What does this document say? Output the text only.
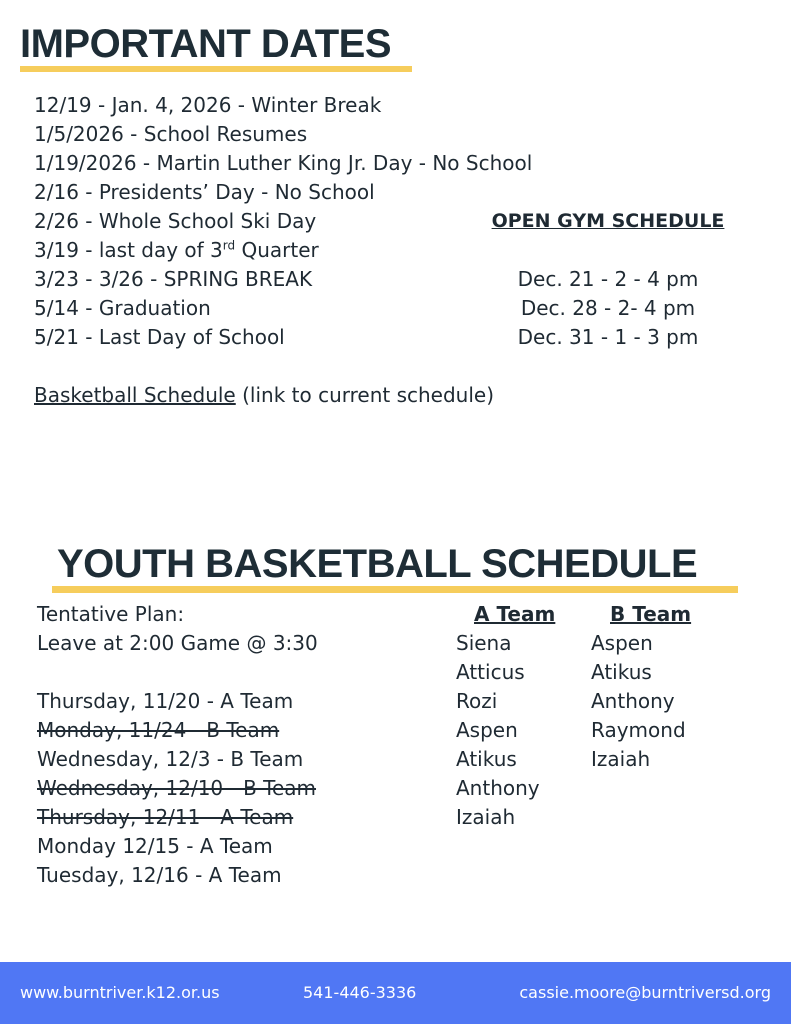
IMPORTANT DATES
12/19 - Jan. 4, 2026 - Winter Break
1/5/2026 - School Resumes
1/19/2026 - Martin Luther King Jr. Day - No School
2/16 - Presidents’ Day - No School
2/26 - Whole School Ski Day
3/19 - last day of 3rd Quarter
3/23 - 3/26 - SPRING BREAK
5/14 - Graduation
5/21 - Last Day of School
Basketball Schedule (link to current schedule)
OPEN GYM SCHEDULE
Dec. 21 - 2 - 4 pm
Dec. 28 - 2- 4 pm
Dec. 31 - 1 - 3 pm
YOUTH BASKETBALL SCHEDULE
Tentative Plan:
Leave at 2:00 Game @ 3:30
Thursday, 11/20 - A Team
Monday, 11/24 - B Team
Wednesday, 12/3 - B Team
Wednesday, 12/10 - B Team
Thursday, 12/11 - A Team
Monday 12/15 - A Team
Tuesday, 12/16 - A Team
A Team
Siena
Atticus
Rozi
Aspen
Atikus
Anthony
Izaiah
B Team
Aspen
Atikus
Anthony
Raymond
Izaiah
www.burntriver.k12.or.us	541-446-3336	cassie.moore@burntriversd.org
